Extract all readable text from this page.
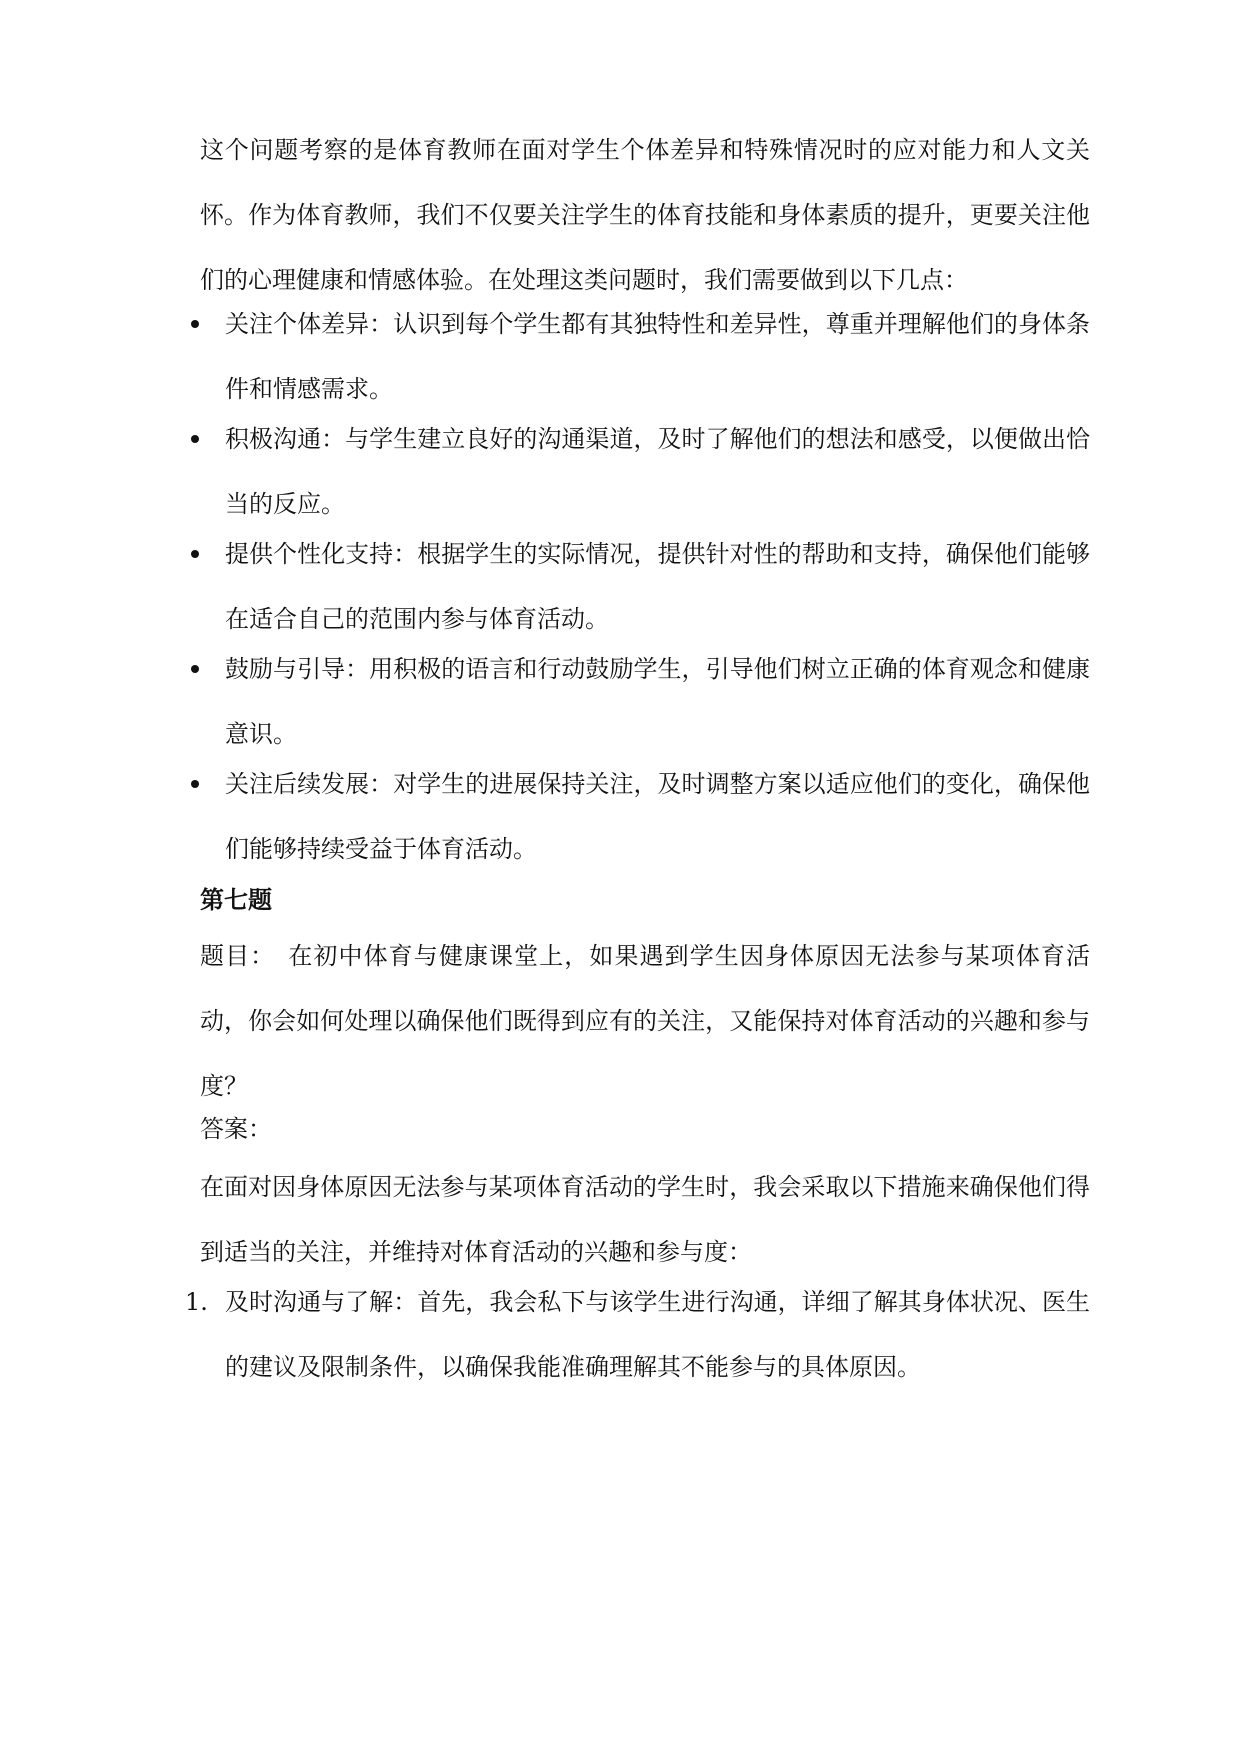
这个问题考察的是体育教师在面对学生个体差异和特殊情况时的应对能力和人文关怀。作为体育教师，我们不仅要关注学生的体育技能和身体素质的提升，更要关注他们的心理健康和情感体验。在处理这类问题时，我们需要做到以下几点：

关注个体差异：认识到每个学生都有其独特性和差异性，尊重并理解他们的身体条件和情感需求。
积极沟通：与学生建立良好的沟通渠道，及时了解他们的想法和感受，以便做出恰当的反应。
提供个性化支持：根据学生的实际情况，提供针对性的帮助和支持，确保他们能够在适合自己的范围内参与体育活动。
鼓励与引导：用积极的语言和行动鼓励学生，引导他们树立正确的体育观念和健康意识。
关注后续发展：对学生的进展保持关注，及时调整方案以适应他们的变化，确保他们能够持续受益于体育活动。
第七题

题目：　在初中体育与健康课堂上，如果遇到学生因身体原因无法参与某项体育活动，你会如何处理以确保他们既得到应有的关注，又能保持对体育活动的兴趣和参与度？

答案：

在面对因身体原因无法参与某项体育活动的学生时，我会采取以下措施来确保他们得到适当的关注，并维持对体育活动的兴趣和参与度：

1. 及时沟通与了解：首先，我会私下与该学生进行沟通，详细了解其身体状况、医生的建议及限制条件，以确保我能准确理解其不能参与的具体原因。
